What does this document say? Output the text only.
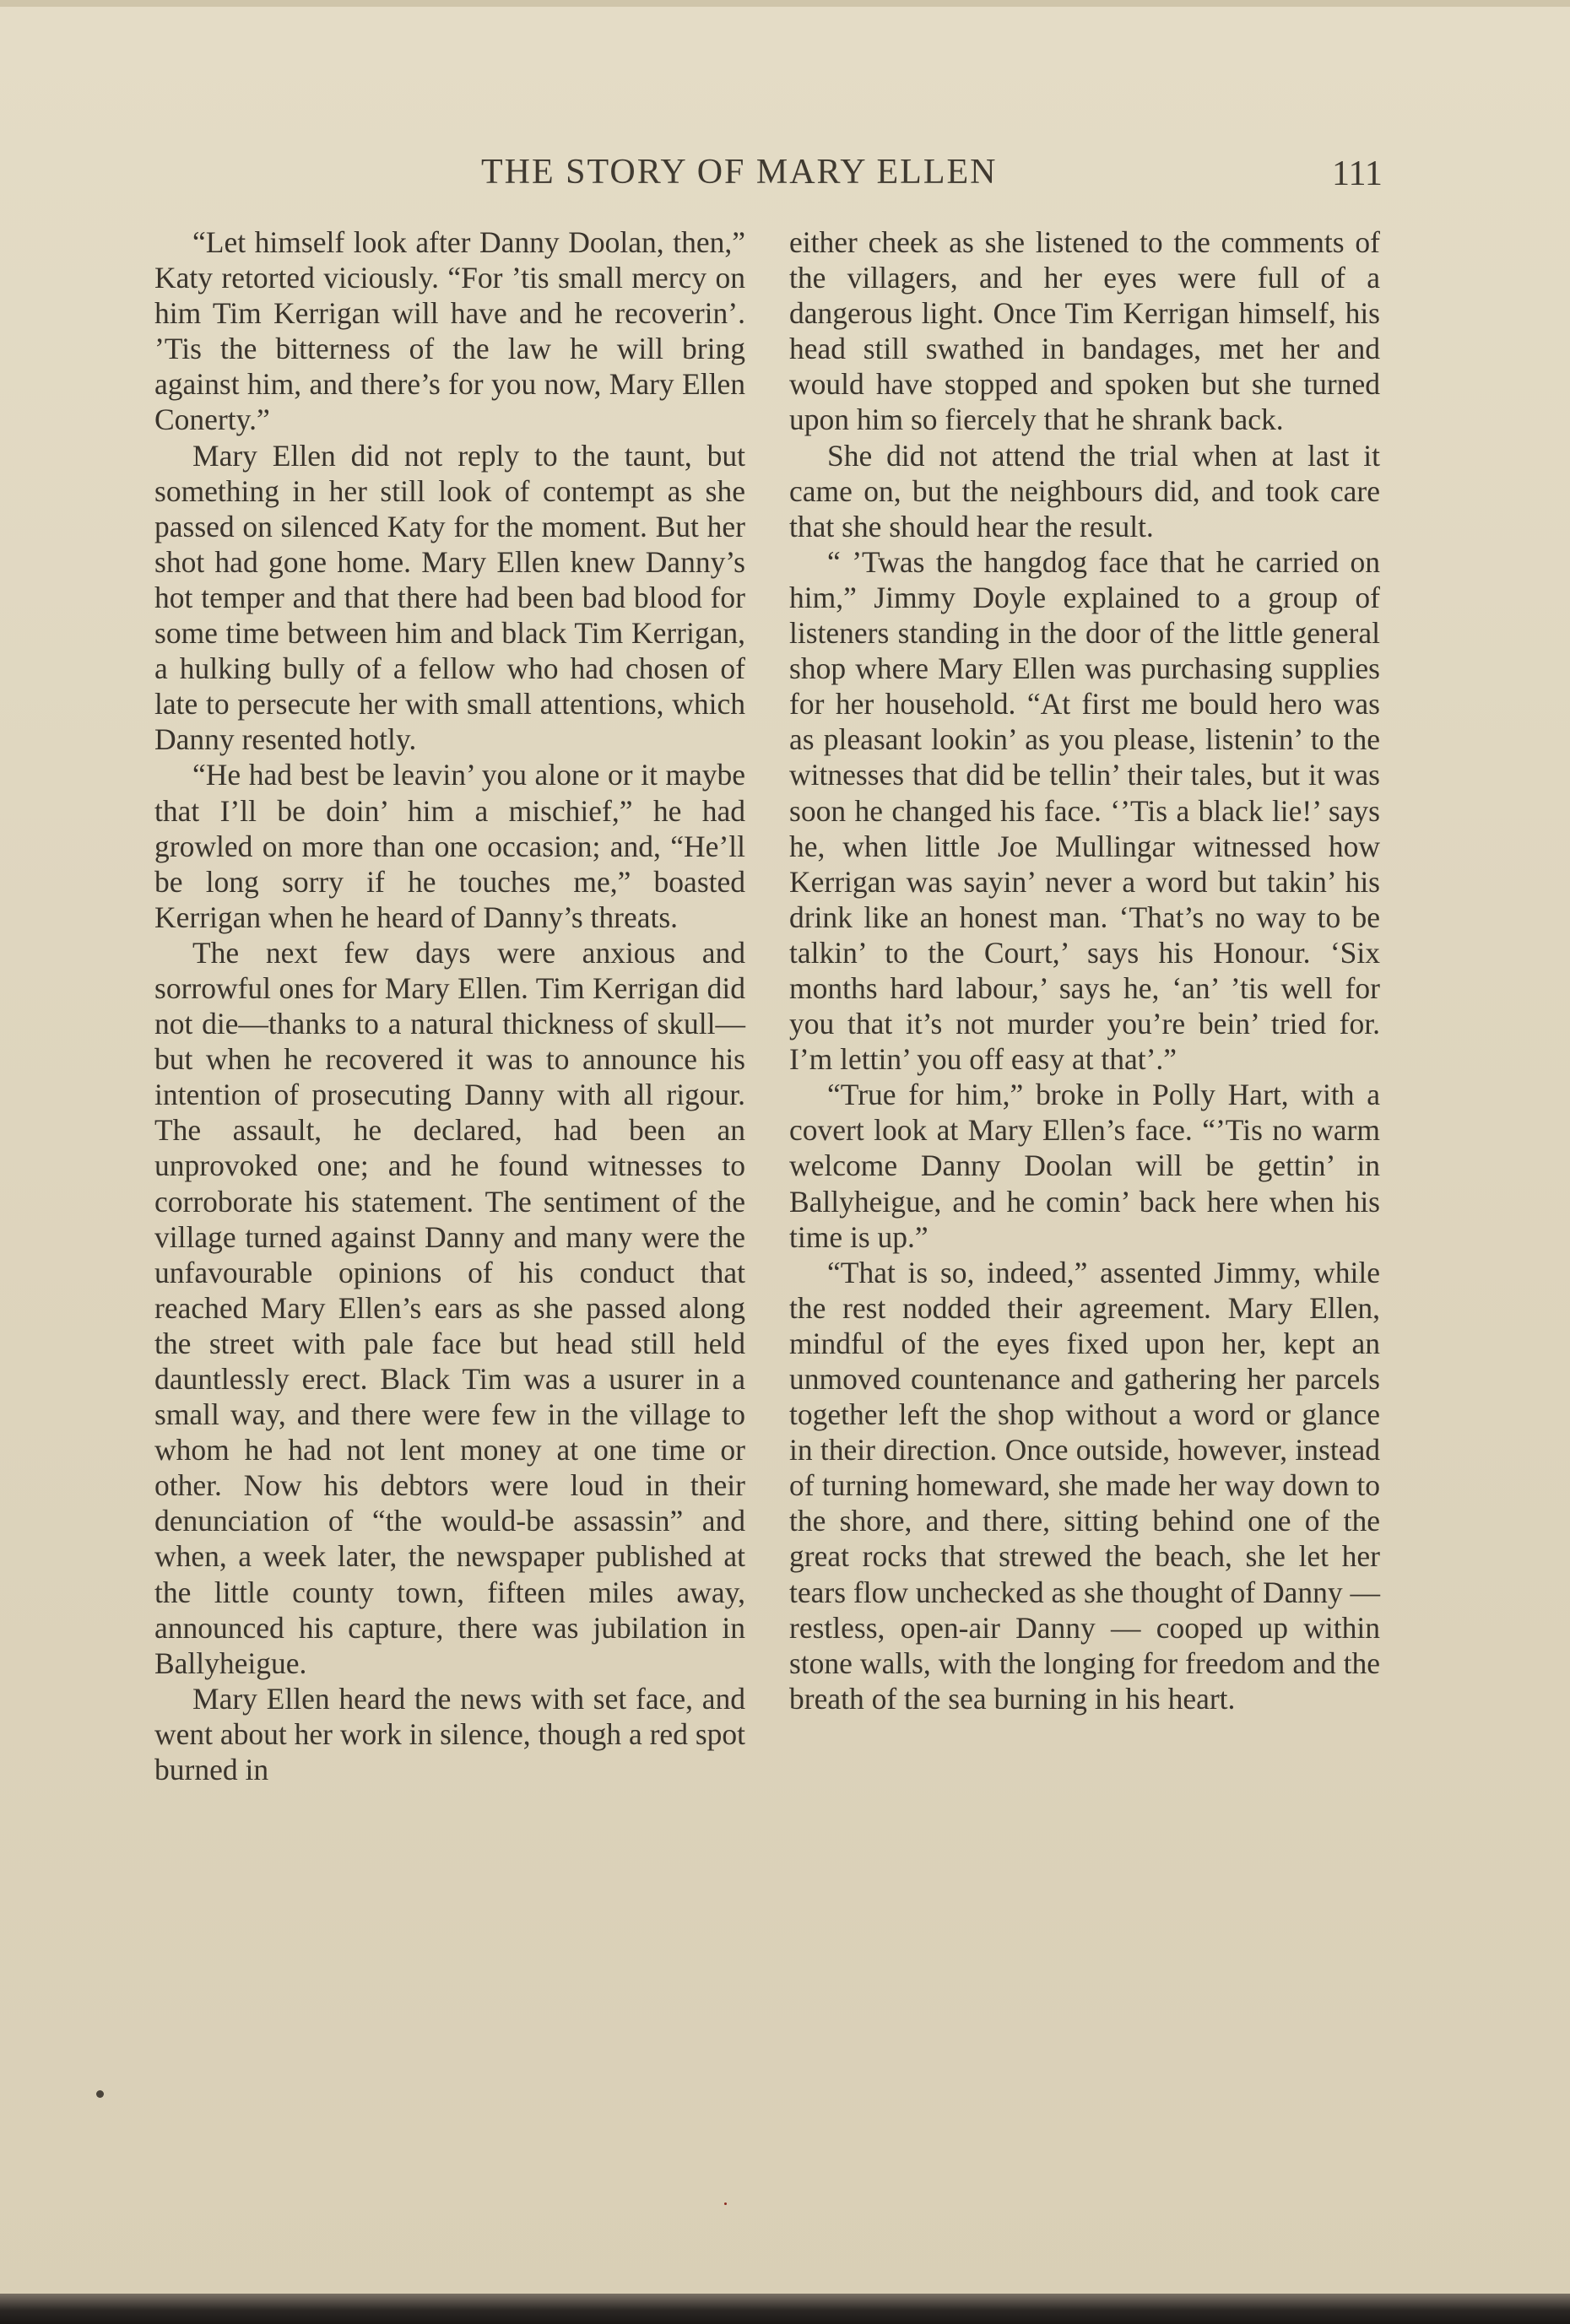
THE STORY OF MARY ELLEN	111

“Let himself look after Danny Doolan, then,” Katy retorted viciously. “For ’tis small mercy on him Tim Kerrigan will have and he recoverin’. ’Tis the bitterness of the law he will bring against him, and there’s for you now, Mary Ellen Conerty.”

Mary Ellen did not reply to the taunt, but something in her still look of contempt as she passed on silenced Katy for the moment. But her shot had gone home. Mary Ellen knew Danny’s hot temper and that there had been bad blood for some time between him and black Tim Kerrigan, a hulking bully of a fellow who had chosen of late to persecute her with small attentions, which Danny resented hotly.

“He had best be leavin’ you alone or it maybe that I’ll be doin’ him a mischief,” he had growled on more than one occasion; and, “He’ll be long sorry if he touches me,” boasted Kerrigan when he heard of Danny’s threats.

The next few days were anxious and sorrowful ones for Mary Ellen. Tim Kerrigan did not die—thanks to a natural thickness of skull—but when he recovered it was to announce his intention of prosecuting Danny with all rigour. The assault, he declared, had been an unprovoked one; and he found witnesses to corroborate his statement. The sentiment of the village turned against Danny and many were the unfavourable opinions of his conduct that reached Mary Ellen’s ears as she passed along the street with pale face but head still held dauntlessly erect. Black Tim was a usurer in a small way, and there were few in the village to whom he had not lent money at one time or other. Now his debtors were loud in their denunciation of “the would-be assassin” and when, a week later, the newspaper published at the little county town, fifteen miles away, announced his capture, there was jubilation in Ballyheigue.

Mary Ellen heard the news with set face, and went about her work in silence, though a red spot burned in

either cheek as she listened to the comments of the villagers, and her eyes were full of a dangerous light. Once Tim Kerrigan himself, his head still swathed in bandages, met her and would have stopped and spoken but she turned upon him so fiercely that he shrank back.

She did not attend the trial when at last it came on, but the neighbours did, and took care that she should hear the result.

“ ’Twas the hangdog face that he carried on him,” Jimmy Doyle explained to a group of listeners standing in the door of the little general shop where Mary Ellen was purchasing supplies for her household. “At first me bould hero was as pleasant lookin’ as you please, listenin’ to the witnesses that did be tellin’ their tales, but it was soon he changed his face. ‘’Tis a black lie!’ says he, when little Joe Mullingar witnessed how Kerrigan was sayin’ never a word but takin’ his drink like an honest man. ‘That’s no way to be talkin’ to the Court,’ says his Honour. ‘Six months hard labour,’ says he, ‘an’ ’tis well for you that it’s not murder you’re bein’ tried for. I’m lettin’ you off easy at that’.”

“True for him,” broke in Polly Hart, with a covert look at Mary Ellen’s face. “’Tis no warm welcome Danny Doolan will be gettin’ in Ballyheigue, and he comin’ back here when his time is up.”

“That is so, indeed,” assented Jimmy, while the rest nodded their agreement. Mary Ellen, mindful of the eyes fixed upon her, kept an unmoved countenance and gathering her parcels together left the shop without a word or glance in their direction. Once outside, however, instead of turning homeward, she made her way down to the shore, and there, sitting behind one of the great rocks that strewed the beach, she let her tears flow unchecked as she thought of Danny — restless, open-air Danny — cooped up within stone walls, with the longing for freedom and the breath of the sea burning in his heart.
